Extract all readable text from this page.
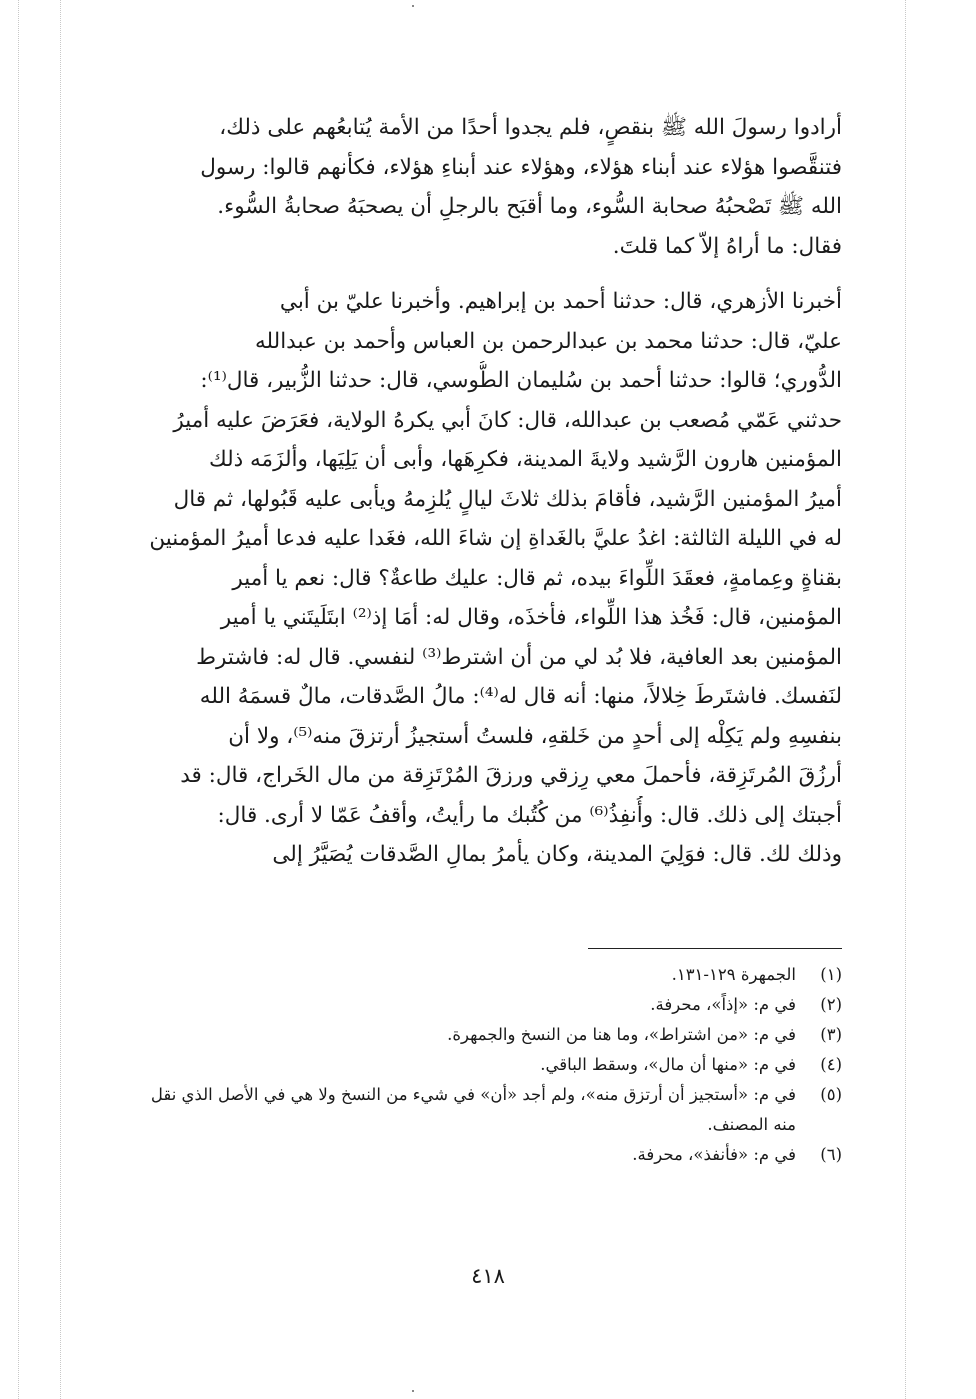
أرادوا رسولَ الله ﷺ بنقصٍ، فلم يجدوا أحدًا من الأمة يُتابعُهم على ذلك،
فتنقَّصوا هؤلاء عند أبناء هؤلاء، وهؤلاء عند أبناءِ هؤلاء، فكأنهم قالوا: رسول
الله ﷺ تَصْحبُهُ صحابة السُّوء، وما أقبَح بالرجلِ أن يصحبَهُ صحابةُ السُّوء.
فقال: ما أراهُ إلاّ كما قلتَ.

أخبرنا الأزهري، قال: حدثنا أحمد بن إبراهيم. وأخبرنا عليّ بن أبي
عليّ، قال: حدثنا محمد بن عبدالرحمن بن العباس وأحمد بن عبدالله
الدُّوري؛ قالوا: حدثنا أحمد بن سُليمان الطُّوسي، قال: حدثنا الزُّبير، قال⁽¹⁾:
حدثني عَمّي مُصعب بن عبدالله، قال: كانَ أبي يكرهُ الولاية، فعَرَضَ عليه أميرُ
المؤمنين هارون الرَّشيد ولايةَ المدينة، فكرِهَها، وأبى أن يَلِيَها، وألزَمَه ذلك
أميرُ المؤمنين الرَّشيد، فأقامَ بذلك ثلاثَ ليالٍ يُلزِمهُ ويأبى عليه قَبُولها، ثم قال
له في الليلة الثالثة: اغدُ عليَّ بالغَداةِ إن شاءَ الله، فغَدا عليه فدعا أميرُ المؤمنين
بقناةٍ وعِمامةٍ، فعقَدَ اللِّواءَ بيده، ثم قال: عليك طاعةٌ؟ قال: نعم يا أمير
المؤمنين، قال: فَخُذ هذا اللِّواء، فأخذَه، وقال له: أمَا إذ⁽²⁾ ابتَلَيتَني يا أمير
المؤمنين بعد العافية، فلا بُد لي من أن اشترط⁽³⁾ لنفسي. قال له: فاشترط
لنَفسك. فاشتَرطَ خِلالاً، منها: أنه قال له⁽⁴⁾: مالُ الصَّدقات، مالٌ قسمَهُ الله
بنفسِهِ ولم يَكِلْه إلى أحدٍ من خَلقهِ، فلستُ أستجيزُ أرتزقَ منه⁽⁵⁾، ولا أن
أرزُقَ المُرتَزِقة، فأحملَ معي رِزقي ورزقَ المُرْتَزِقة من مال الخَراج، قال: قد
أجبتك إلى ذلك. قال: وأُنفِذُ⁽⁶⁾ من كُتُبك ما رأيتُ، وأقفُ عَمّا لا أرى. قال:
وذلك لك. قال: فوَلِيَ المدينة، وكان يأمرُ بمالِ الصَّدقات يُصَيَّرُ إلى

(١)
الجمهرة ١٢٩-١٣١.
(٢)
في م: «إذاً»، محرفة.
(٣)
في م: «من اشتراط»، وما هنا من النسخ والجمهرة.
(٤)
في م: «منها أن مال»، وسقط الباقي.
(٥)
في م: «أستجيز أن أرتزق منه»، ولم أجد «أن» في شيء من النسخ ولا هي في الأصل الذي نقل منه المصنف.
(٦)
في م: «فأنفذ»، محرفة.
٤١٨
